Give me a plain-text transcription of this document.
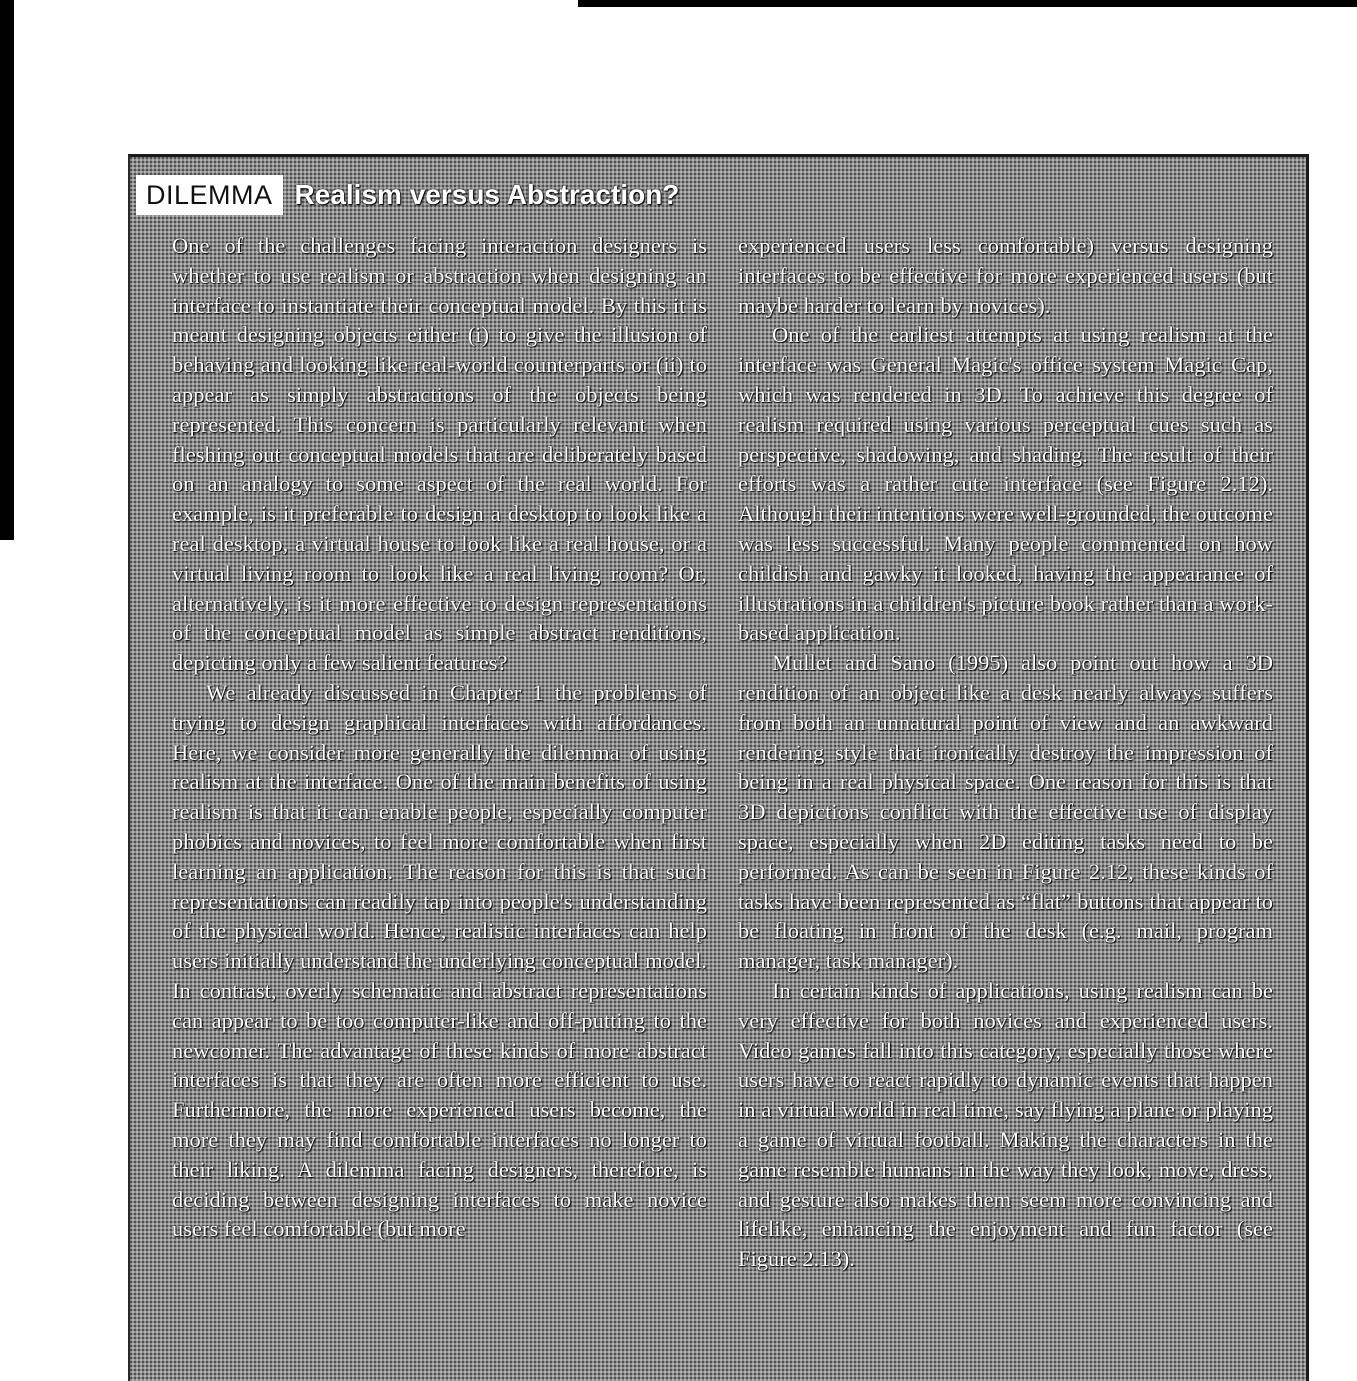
DILEMMA Realism versus Abstraction?

One of the challenges facing interaction designers is whether to use realism or abstraction when designing an interface to instantiate their conceptual model. By this it is meant designing objects either (i) to give the illusion of behaving and looking like real-world counterparts or (ii) to appear as simply abstractions of the objects being represented. This concern is particularly relevant when fleshing out conceptual models that are deliberately based on an analogy to some aspect of the real world. For example, is it preferable to design a desktop to look like a real desktop, a virtual house to look like a real house, or a virtual living room to look like a real living room? Or, alternatively, is it more effective to design representations of the conceptual model as simple abstract renditions, depicting only a few salient features?

We already discussed in Chapter 1 the problems of trying to design graphical interfaces with affordances. Here, we consider more generally the dilemma of using realism at the interface. One of the main benefits of using realism is that it can enable people, especially computer phobics and novices, to feel more comfortable when first learning an application. The reason for this is that such representations can readily tap into people's understanding of the physical world. Hence, realistic interfaces can help users initially understand the underlying conceptual model. In contrast, overly schematic and abstract representations can appear to be too computer-like and off-putting to the newcomer. The advantage of these kinds of more abstract interfaces is that they are often more efficient to use. Furthermore, the more experienced users become, the more they may find comfortable interfaces no longer to their liking. A dilemma facing designers, therefore, is deciding between designing interfaces to make novice users feel comfortable (but more

experienced users less comfortable) versus designing interfaces to be effective for more experienced users (but maybe harder to learn by novices).

One of the earliest attempts at using realism at the interface was General Magic's office system Magic Cap, which was rendered in 3D. To achieve this degree of realism required using various perceptual cues such as perspective, shadowing, and shading. The result of their efforts was a rather cute interface (see Figure 2.12). Although their intentions were well-grounded, the outcome was less successful. Many people commented on how childish and gawky it looked, having the appearance of illustrations in a children's picture book rather than a work-based application.

Mullet and Sano (1995) also point out how a 3D rendition of an object like a desk nearly always suffers from both an unnatural point of view and an awkward rendering style that ironically destroy the impression of being in a real physical space. One reason for this is that 3D depictions conflict with the effective use of display space, especially when 2D editing tasks need to be performed. As can be seen in Figure 2.12, these kinds of tasks have been represented as “flat” buttons that appear to be floating in front of the desk (e.g. mail, program manager, task manager).

In certain kinds of applications, using realism can be very effective for both novices and experienced users. Video games fall into this category, especially those where users have to react rapidly to dynamic events that happen in a virtual world in real time, say flying a plane or playing a game of virtual football. Making the characters in the game resemble humans in the way they look, move, dress, and gesture also makes them seem more convincing and lifelike, enhancing the enjoyment and fun factor (see Figure 2.13).
